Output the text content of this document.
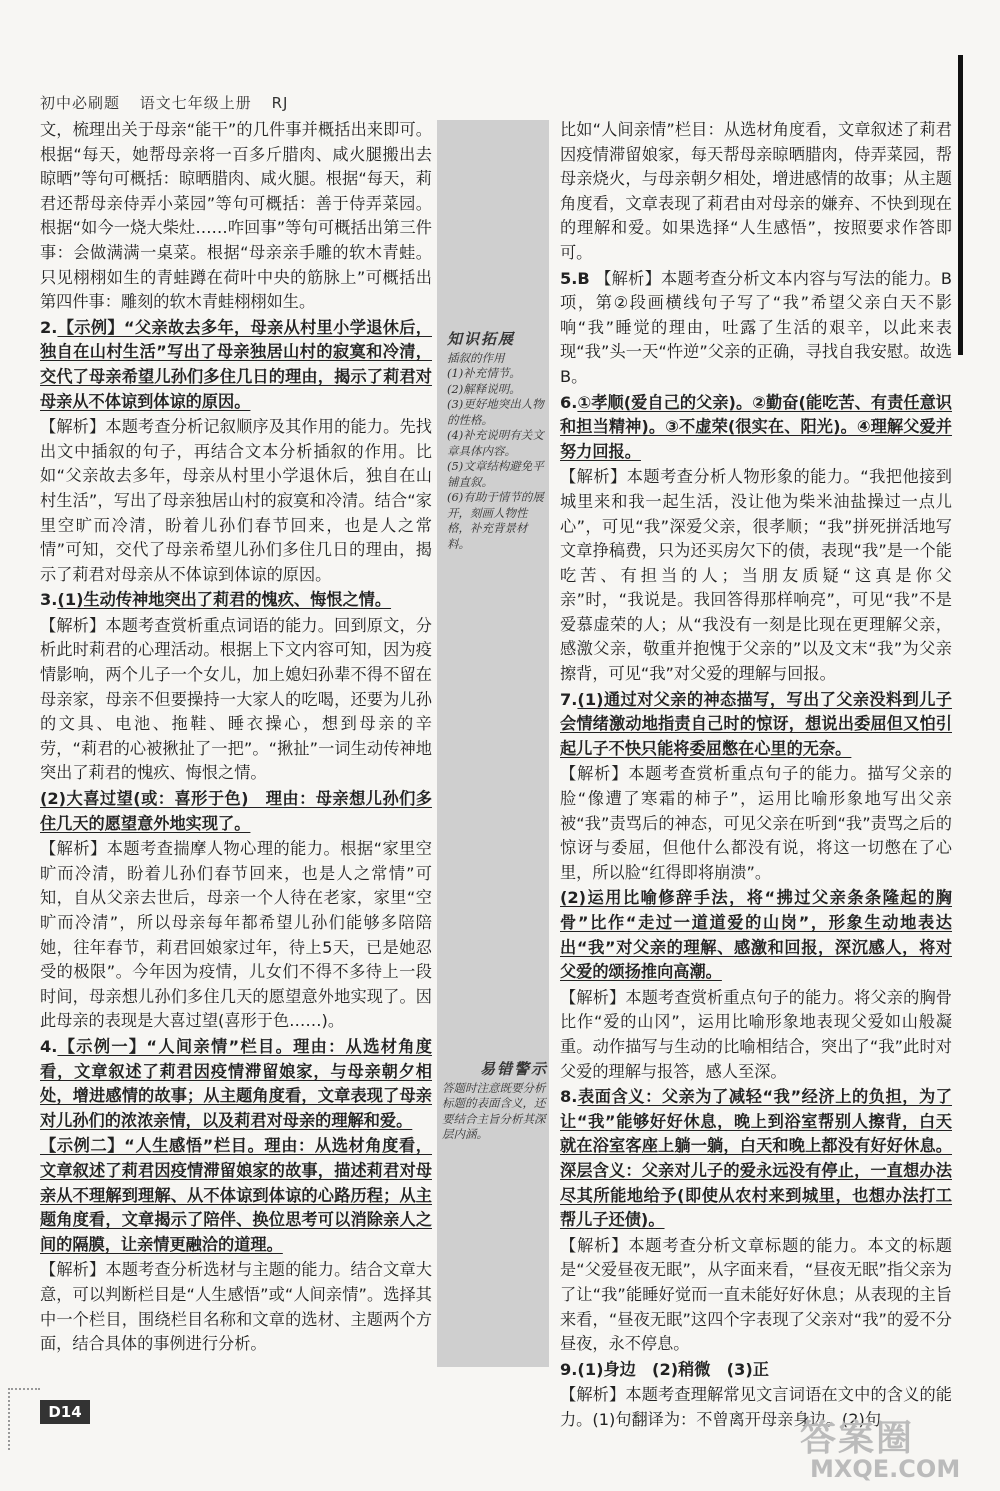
初中必刷题 语文七年级上册 RJ
知识拓展
插叙的作用
(1)补充情节。
(2)解释说明。
(3)更好地突出人物的性格。
(4)补充说明有关文章具体内容。
(5)文章结构避免平铺直叙。
(6)有助于情节的展开，刻画人物性格，补充背景材料。
易错警示
答题时注意既要分析标题的表面含义，还要结合主旨分析其深层内涵。

文，梳理出关于母亲“能干”的几件事并概括出来即可。根据“每天，她帮母亲将一百多斤腊肉、咸火腿搬出去晾晒”等句可概括：晾晒腊肉、咸火腿。根据“每天，莉君还帮母亲侍弄小菜园”等句可概括：善于侍弄菜园。根据“如今一烧大柴灶……咋回事”等句可概括出第三件事：会做满满一桌菜。根据“母亲亲手雕的软木青蛙。只见栩栩如生的青蛙蹲在荷叶中央的筋脉上”可概括出第四件事：雕刻的软木青蛙栩栩如生。

2.【示例】“父亲故去多年，母亲从村里小学退休后，独自在山村生活”写出了母亲独居山村的寂寞和冷清，交代了母亲希望儿孙们多住几日的理由，揭示了莉君对母亲从不体谅到体谅的原因。

【解析】本题考查分析记叙顺序及其作用的能力。先找出文中插叙的句子，再结合文本分析插叙的作用。比如“父亲故去多年，母亲从村里小学退休后，独自在山村生活”，写出了母亲独居山村的寂寞和冷清。结合“家里空旷而冷清，盼着儿孙们春节回来，也是人之常情”可知，交代了母亲希望儿孙们多住几日的理由，揭示了莉君对母亲从不体谅到体谅的原因。

3.(1)生动传神地突出了莉君的愧疚、悔恨之情。

【解析】本题考查赏析重点词语的能力。回到原文，分析此时莉君的心理活动。根据上下文内容可知，因为疫情影响，两个儿子一个女儿，加上媳妇孙辈不得不留在母亲家，母亲不但要操持一大家人的吃喝，还要为儿孙的文具、电池、拖鞋、睡衣操心，想到母亲的辛劳，“莉君的心被揪扯了一把”。“揪扯”一词生动传神地突出了莉君的愧疚、悔恨之情。

(2)大喜过望(或：喜形于色)　理由：母亲想儿孙们多住几天的愿望意外地实现了。

【解析】本题考查揣摩人物心理的能力。根据“家里空旷而冷清，盼着儿孙们春节回来，也是人之常情”可知，自从父亲去世后，母亲一个人待在老家，家里“空旷而冷清”，所以母亲每年都希望儿孙们能够多陪陪她，往年春节，莉君回娘家过年，待上5天，已是她忍受的极限”。今年因为疫情，儿女们不得不多待上一段时间，母亲想儿孙们多住几天的愿望意外地实现了。因此母亲的表现是大喜过望(喜形于色……)。

4.【示例一】“人间亲情”栏目。理由：从选材角度看，文章叙述了莉君因疫情滞留娘家，与母亲朝夕相处，增进感情的故事；从主题角度看，文章表现了母亲对儿孙们的浓浓亲情，以及莉君对母亲的理解和爱。

【示例二】“人生感悟”栏目。理由：从选材角度看，文章叙述了莉君因疫情滞留娘家的故事，描述莉君对母亲从不理解到理解、从不体谅到体谅的心路历程；从主题角度看，文章揭示了陪伴、换位思考可以消除亲人之间的隔膜，让亲情更融洽的道理。

【解析】本题考查分析选材与主题的能力。结合文章大意，可以判断栏目是“人生感悟”或“人间亲情”。选择其中一个栏目，围绕栏目名称和文章的选材、主题两个方面，结合具体的事例进行分析。

比如“人间亲情”栏目：从选材角度看，文章叙述了莉君因疫情滞留娘家，每天帮母亲晾晒腊肉，侍弄菜园，帮母亲烧火，与母亲朝夕相处，增进感情的故事；从主题角度看，文章表现了莉君由对母亲的嫌弃、不快到现在的理解和爱。如果选择“人生感悟”，按照要求作答即可。

5.B 【解析】本题考查分析文本内容与写法的能力。B项，第②段画横线句子写了“我”希望父亲白天不影响“我”睡觉的理由，吐露了生活的艰辛，以此来表现“我”头一天“忤逆”父亲的正确，寻找自我安慰。故选B。

6.①孝顺(爱自己的父亲)。②勤奋(能吃苦、有责任意识和担当精神)。③不虚荣(很实在、阳光)。④理解父爱并努力回报。

【解析】本题考查分析人物形象的能力。“我把他接到城里来和我一起生活，没让他为柴米油盐操过一点儿心”，可见“我”深爱父亲，很孝顺；“我”拼死拼活地写文章挣稿费，只为还买房欠下的债，表现“我”是一个能吃苦、有担当的人；当朋友质疑“这真是你父亲”时，“我说是。我回答得那样响亮”，可见“我”不是爱慕虚荣的人；从“我没有一刻是比现在更理解父亲，感激父亲，敬重并抱愧于父亲的”以及文末“我”为父亲擦背，可见“我”对父爱的理解与回报。

7.(1)通过对父亲的神态描写，写出了父亲没料到儿子会情绪激动地指责自己时的惊讶，想说出委屈但又怕引起儿子不快只能将委屈憋在心里的无奈。

【解析】本题考查赏析重点句子的能力。描写父亲的脸“像遭了寒霜的柿子”，运用比喻形象地写出父亲被“我”责骂后的神态，可见父亲在听到“我”责骂之后的惊讶与委屈，但他什么都没有说，将这一切憋在了心里，所以脸“红得即将崩溃”。

(2)运用比喻修辞手法，将“拂过父亲条条隆起的胸骨”比作“走过一道道爱的山岗”，形象生动地表达出“我”对父亲的理解、感激和回报，深沉感人，将对父爱的颂扬推向高潮。

【解析】本题考查赏析重点句子的能力。将父亲的胸骨比作“爱的山冈”，运用比喻形象地表现父爱如山般凝重。动作描写与生动的比喻相结合，突出了“我”此时对父爱的理解与报答，感人至深。

8.表面含义：父亲为了减轻“我”经济上的负担，为了让“我”能够好好休息，晚上到浴室帮别人擦背，白天就在浴室客座上躺一躺，白天和晚上都没有好好休息。深层含义：父亲对儿子的爱永远没有停止，一直想办法尽其所能地给予(即使从农村来到城里，也想办法打工帮儿子还债)。

【解析】本题考查分析文章标题的能力。本文的标题是“父爱昼夜无眠”，从字面来看，“昼夜无眠”指父亲为了让“我”能睡好觉而一直未能好好休息；从表现的主旨来看，“昼夜无眠”这四个字表现了父亲对“我”的爱不分昼夜，永不停息。

9.(1)身边　(2)稍微　(3)正

【解析】本题考查理解常见文言词语在文中的含义的能力。(1)句翻译为：不曾离开母亲身边。(2)句

D14
答案圈
MXQE.COM
